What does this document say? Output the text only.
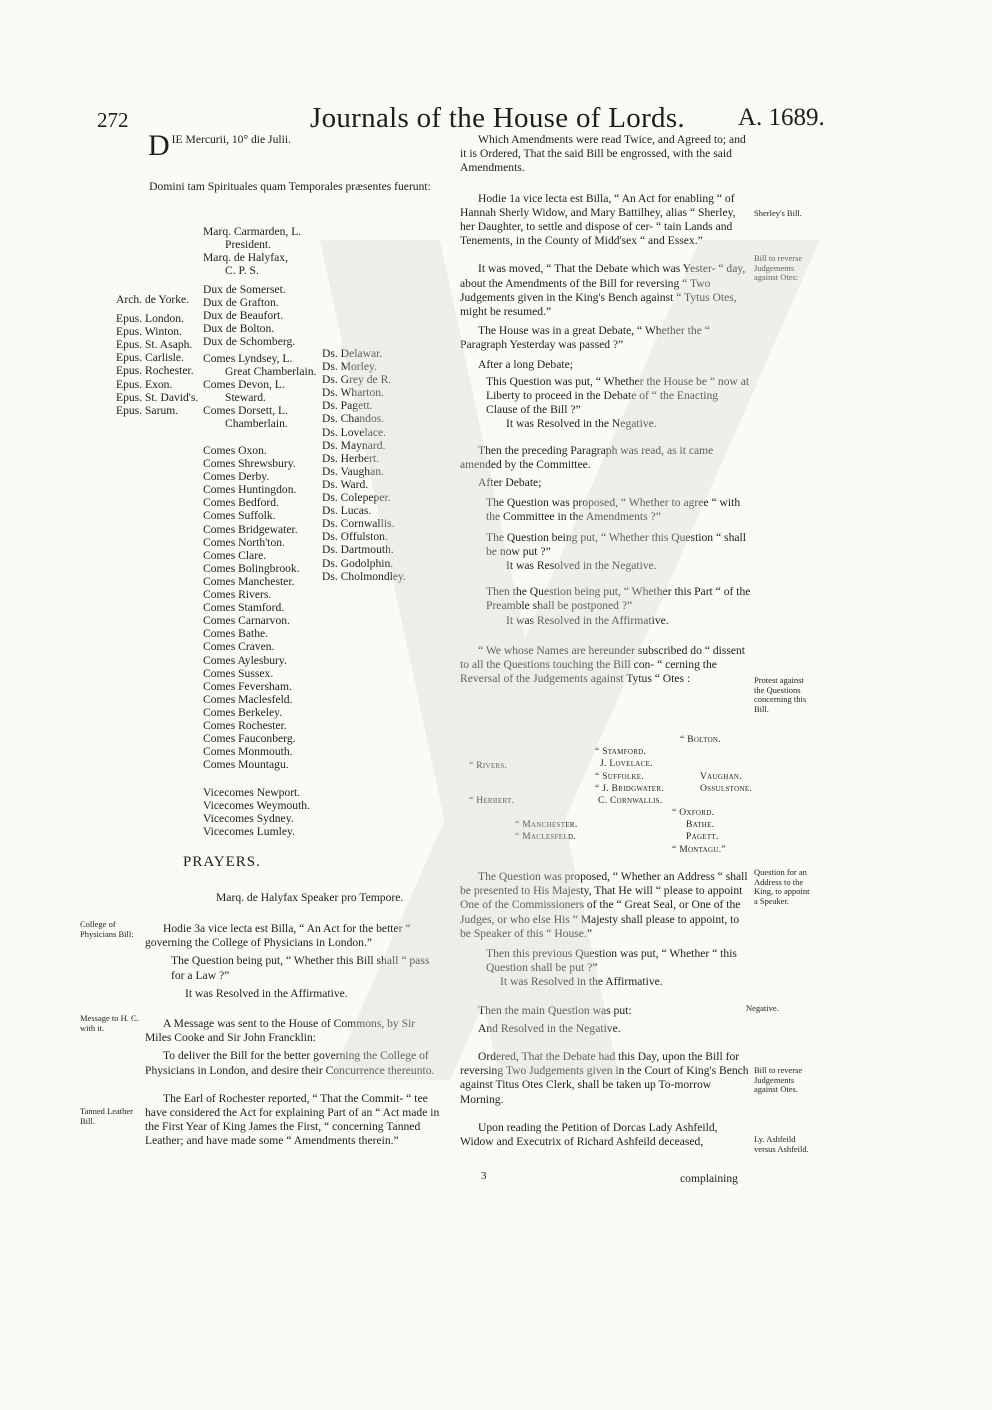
272	Journals of the House of Lords. A. 1689.
D IE Mercurii, 10° die Julii.
Domini tam Spirituales quam Temporales præsentes fuerunt:
Marq. Carmarden, L.
President.
Marq. de Halyfax,
C. P. S.
Arch. de Yorke.
Epus. London.
Epus. Winton.
Epus. St. Asaph.
Epus. Carlisle.
Epus. Rochester.
Epus. Exon.
Epus. St. David's.
Epus. Sarum.
Dux de Somerset.
Dux de Grafton.
Dux de Beaufort.
Dux de Bolton.
Dux de Schomberg.
Comes Lyndsey, L.
Great Chamberlain.
Comes Devon, L.
Steward.
Comes Dorsett, L.
Chamberlain.
Comes Oxon.
Comes Shrewsbury.
Comes Derby.
Comes Huntingdon.
Comes Bedford.
Comes Suffolk.
Comes Bridgewater.
Comes North'ton.
Comes Clare.
Comes Bolingbrook.
Comes Manchester.
Comes Rivers.
Comes Stamford.
Comes Carnarvon.
Comes Bathe.
Comes Craven.
Comes Aylesbury.
Comes Sussex.
Comes Feversham.
Comes Maclesfeld.
Comes Berkeley.
Comes Rochester.
Comes Fauconberg.
Comes Monmouth.
Comes Mountagu.
Vicecomes Newport.
Vicecomes Weymouth.
Vicecomes Sydney.
Vicecomes Lumley.
Ds. Delawar.
Ds. Morley.
Ds. Grey de R.
Ds. Wharton.
Ds. Pagett.
Ds. Chandos.
Ds. Lovelace.
Ds. Maynard.
Ds. Herbert.
Ds. Vaughan.
Ds. Ward.
Ds. Colepeper.
Ds. Lucas.
Ds. Cornwallis.
Ds. Offulston.
Ds. Dartmouth.
Ds. Godolphin.
Ds. Cholmondley.
PRAYERS.
Marq. de Halyfax Speaker pro Tempore.
College of Physicians Bill:
Message to H. C. with it.
Tanned Leather Bill.

Hodie 3a vice lecta est Billa, “ An Act for the better “ governing the College of Physicians in London.”

The Question being put, “ Whether this Bill shall “ pass for a Law ?”

It was Resolved in the Affirmative.

A Message was sent to the House of Commons, by Sir Miles Cooke and Sir John Francklin:

To deliver the Bill for the better governing the College of Physicians in London, and desire their Concurrence thereunto.

The Earl of Rochester reported, “ That the Commit- “ tee have considered the Act for explaining Part of an “ Act made in the First Year of King James the First, “ concerning Tanned Leather; and have made some “ Amendments therein.”

Which Amendments were read Twice, and Agreed to; and it is Ordered, That the said Bill be engrossed, with the said Amendments.

Hodie 1a vice lecta est Billa, “ An Act for enabling “ of Hannah Sherly Widow, and Mary Battilhey, alias “ Sherley, her Daughter, to settle and dispose of cer- “ tain Lands and Tenements, in the County of Midd'sex “ and Essex.”

It was moved, “ That the Debate which was Yester- “ day, about the Amendments of the Bill for reversing “ Two Judgements given in the King's Bench against “ Tytus Otes, might be resumed.”

The House was in a great Debate, “ Whether the “ Paragraph Yesterday was passed ?”

After a long Debate;

This Question was put, “ Whether the House be “ now at Liberty to proceed in the Debate of “ the Enacting Clause of the Bill ?”

It was Resolved in the Negative.

Then the preceding Paragraph was read, as it came amended by the Committee.

After Debate;

The Question was proposed, “ Whether to agree “ with the Committee in the Amendments ?”

The Question being put, “ Whether this Question “ shall be now put ?”

It was Resolved in the Negative.

Then the Question being put, “ Whether this Part “ of the Preamble shall be postponed ?”

It was Resolved in the Affirmative.

“ We whose Names are hereunder subscribed do “ dissent to all the Questions touching the Bill con- “ cerning the Reversal of the Judgements against Tytus “ Otes :

“ Bolton.
“ Stamford.
J. Lovelace.
“ Rivers.
“ Suffolke.	Vaughan.
“ J. Bridgwater.	Ossulstone.
“ Herbert.	C. Cornwallis.
“ Oxford.
“ Manchester.	Bathe.
“ Maclesfeld.	Pagett.
“ Montagu.”

The Question was proposed, “ Whether an Address “ shall be presented to His Majesty, That He will “ please to appoint One of the Commissioners of the “ Great Seal, or One of the Judges, or who else His “ Majesty shall please to appoint, to be Speaker of this “ House.”

Then this previous Question was put, “ Whether “ this Question shall be put ?”

It was Resolved in the Affirmative.

Then the main Question was put:

And Resolved in the Negative.

Ordered, That the Debate had this Day, upon the Bill for reversing Two Judgements given in the Court of King's Bench against Titus Otes Clerk, shall be taken up To-morrow Morning.

Upon reading the Petition of Dorcas Lady Ashfeild, Widow and Executrix of Richard Ashfeild deceased,

3	complaining
Sherley's Bill.
Bill to reverse Judgements against Otes:
Protest against the Questions concerning this Bill.
Question for an Address to the King, to appoint a Speaker.
Negative.
Bill to reverse Judgements against Otes.
Ly. Ashfeild versus Ashfeild.
